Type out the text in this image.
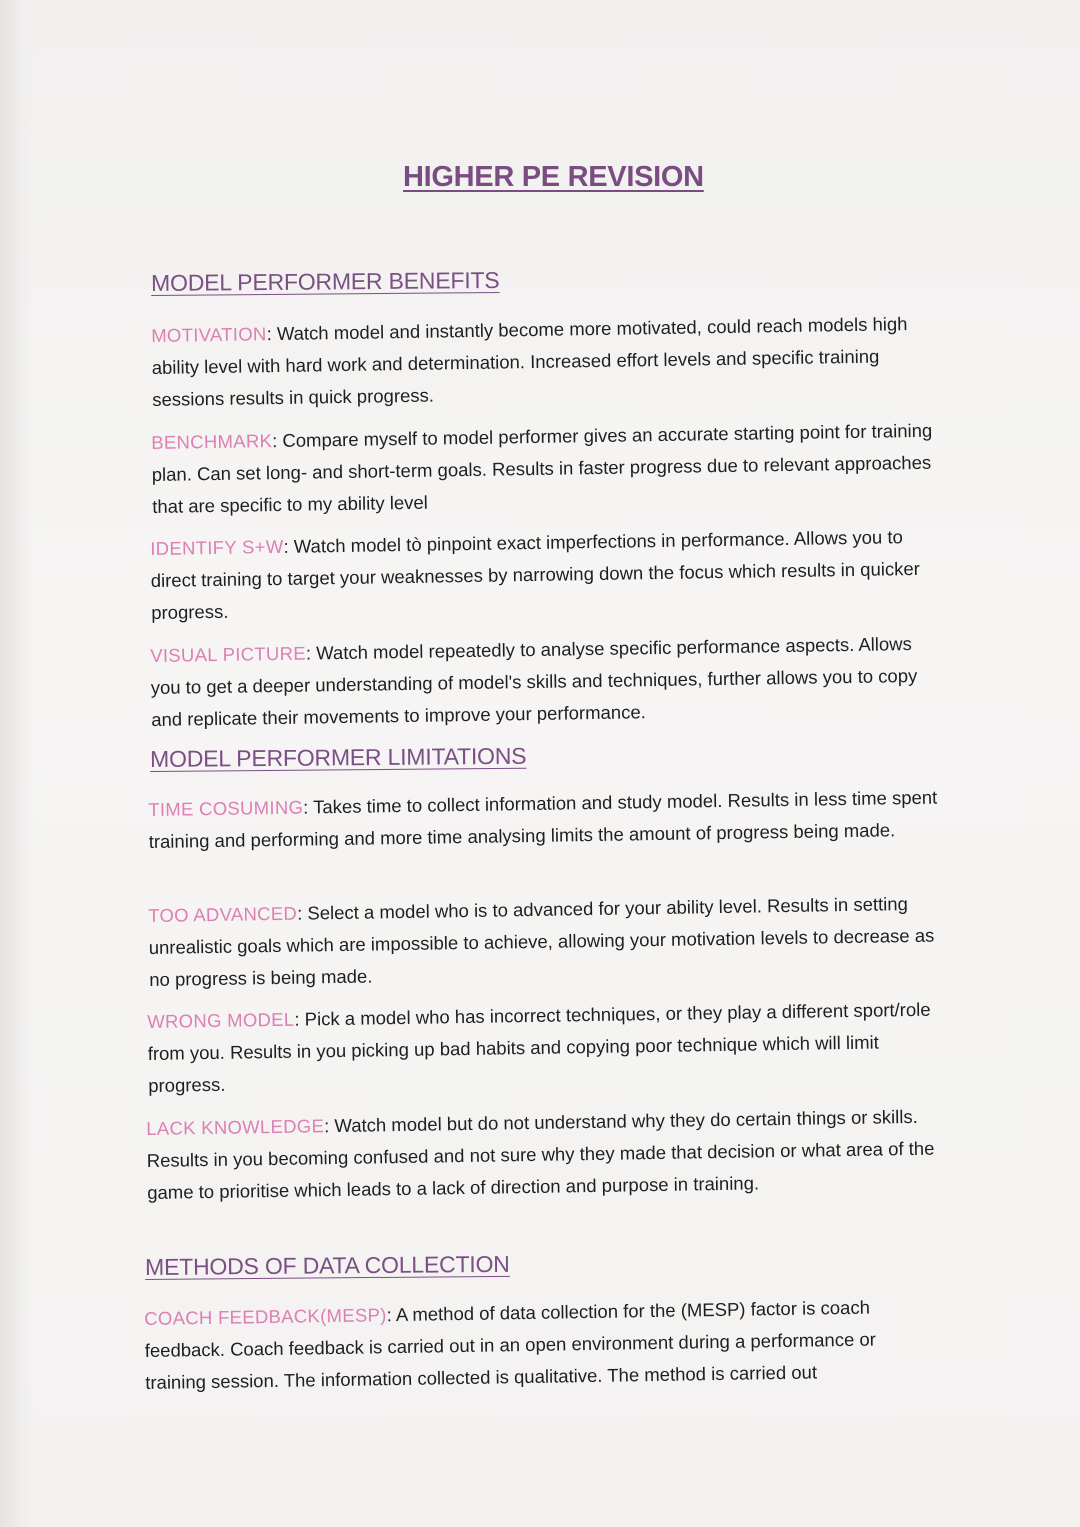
HIGHER PE REVISION
MODEL PERFORMER BENEFITS

MOTIVATION: Watch model and instantly become more motivated, could reach models high ability level with hard work and determination. Increased effort levels and specific training sessions results in quick progress.

BENCHMARK: Compare myself to model performer gives an accurate starting point for training plan. Can set long- and short-term goals. Results in faster progress due to relevant approaches that are specific to my ability level

IDENTIFY S+W: Watch model tò pinpoint exact imperfections in performance. Allows you to direct training to target your weaknesses by narrowing down the focus which results in quicker progress.

VISUAL PICTURE: Watch model repeatedly to analyse specific performance aspects. Allows you to get a deeper understanding of model's skills and techniques, further allows you to copy and replicate their movements to improve your performance.

MODEL PERFORMER LIMITATIONS

TIME COSUMING: Takes time to collect information and study model. Results in less time spent training and performing and more time analysing limits the amount of progress being made.

TOO ADVANCED: Select a model who is to advanced for your ability level. Results in setting unrealistic goals which are impossible to achieve, allowing your motivation levels to decrease as no progress is being made.

WRONG MODEL: Pick a model who has incorrect techniques, or they play a different sport/role from you. Results in you picking up bad habits and copying poor technique which will limit progress.

LACK KNOWLEDGE: Watch model but do not understand why they do certain things or skills. Results in you becoming confused and not sure why they made that decision or what area of the game to prioritise which leads to a lack of direction and purpose in training.

METHODS OF DATA COLLECTION

COACH FEEDBACK(MESP): A method of data collection for the (MESP) factor is coach feedback. Coach feedback is carried out in an open environment during a performance or training session. The information collected is qualitative. The method is carried out
